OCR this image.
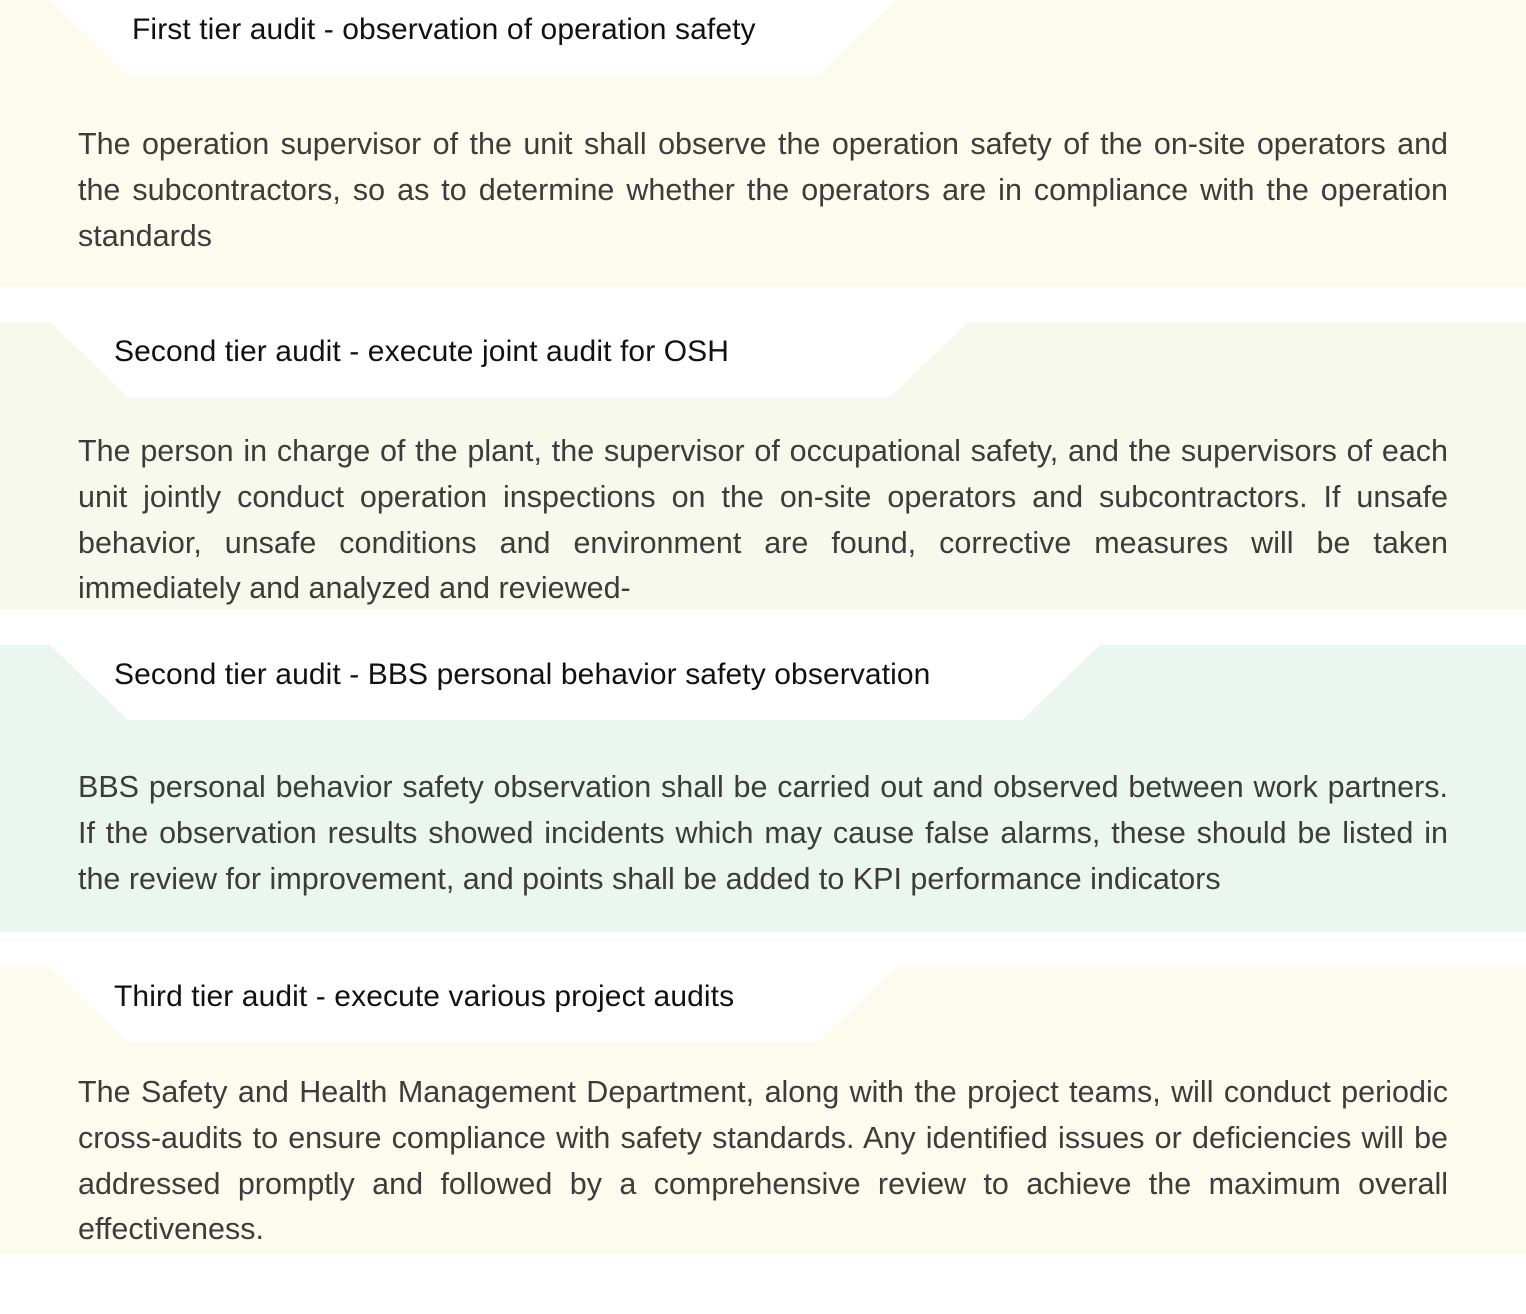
First tier audit - observation of operation safety

The operation supervisor of the unit shall observe the operation safety of the on-site operators and the subcontractors, so as to determine whether the operators are in compliance with the operation standards

Second tier audit - execute joint audit for OSH

The person in charge of the plant, the supervisor of occupational safety, and the supervisors of each unit jointly conduct operation inspections on the on-site operators and subcontractors. If unsafe behavior, unsafe conditions and environment are found, corrective measures will be taken immediately and analyzed and reviewed-

Second tier audit - BBS personal behavior safety observation

BBS personal behavior safety observation shall be carried out and observed between work partners. If the observation results showed incidents which may cause false alarms, these should be listed in the review for improvement, and points shall be added to KPI performance indicators

Third tier audit - execute various project audits

The Safety and Health Management Department, along with the project teams, will conduct periodic cross-audits to ensure compliance with safety standards. Any identified issues or deficiencies will be addressed promptly and followed by a comprehensive review to achieve the maximum overall effectiveness.
